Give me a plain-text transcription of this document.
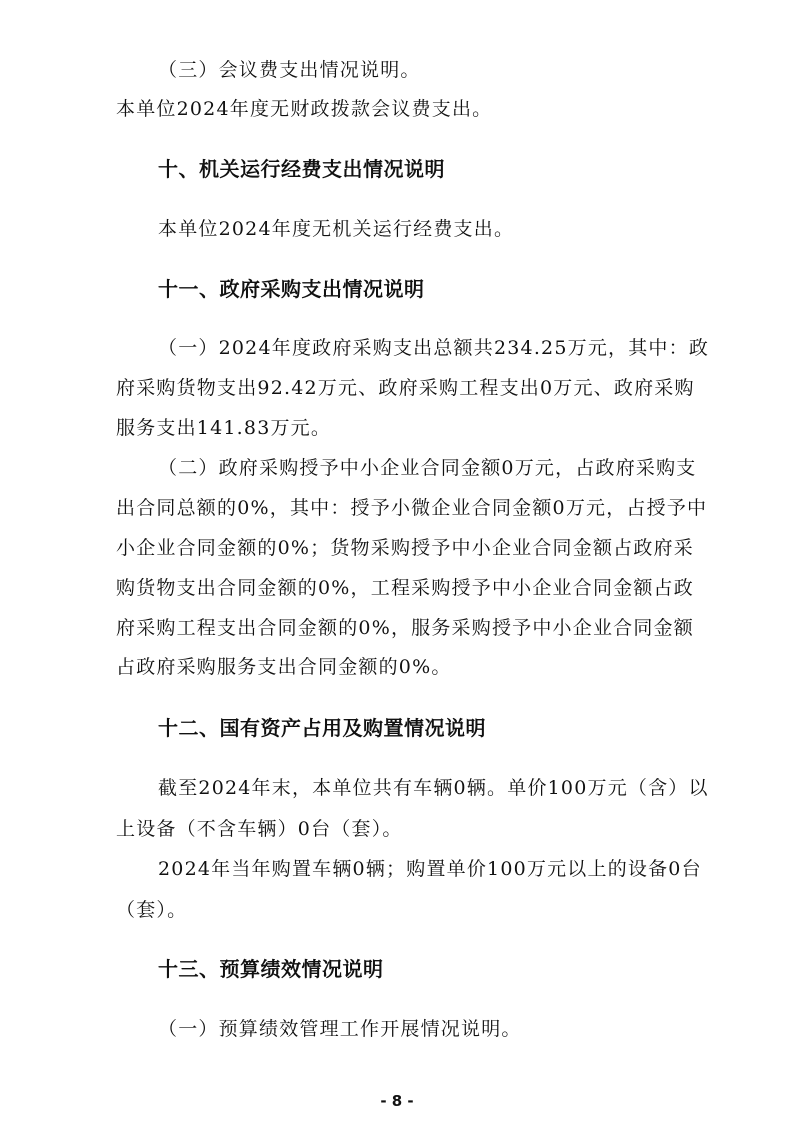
（三）会议费支出情况说明。
本单位2024年度无财政拨款会议费支出。
十、机关运行经费支出情况说明
本单位2024年度无机关运行经费支出。
十一、政府采购支出情况说明
（一）2024年度政府采购支出总额共234.25万元，其中：政
府采购货物支出92.42万元、政府采购工程支出0万元、政府采购
服务支出141.83万元。
（二）政府采购授予中小企业合同金额0万元，占政府采购支
出合同总额的0%，其中：授予小微企业合同金额0万元，占授予中
小企业合同金额的0%；货物采购授予中小企业合同金额占政府采
购货物支出合同金额的0%，工程采购授予中小企业合同金额占政
府采购工程支出合同金额的0%，服务采购授予中小企业合同金额
占政府采购服务支出合同金额的0%。
十二、国有资产占用及购置情况说明
截至2024年末，本单位共有车辆0辆。单价100万元（含）以
上设备（不含车辆）0台（套）。
2024年当年购置车辆0辆；购置单价100万元以上的设备0台
（套）。
十三、预算绩效情况说明
（一）预算绩效管理工作开展情况说明。
- 8 -
